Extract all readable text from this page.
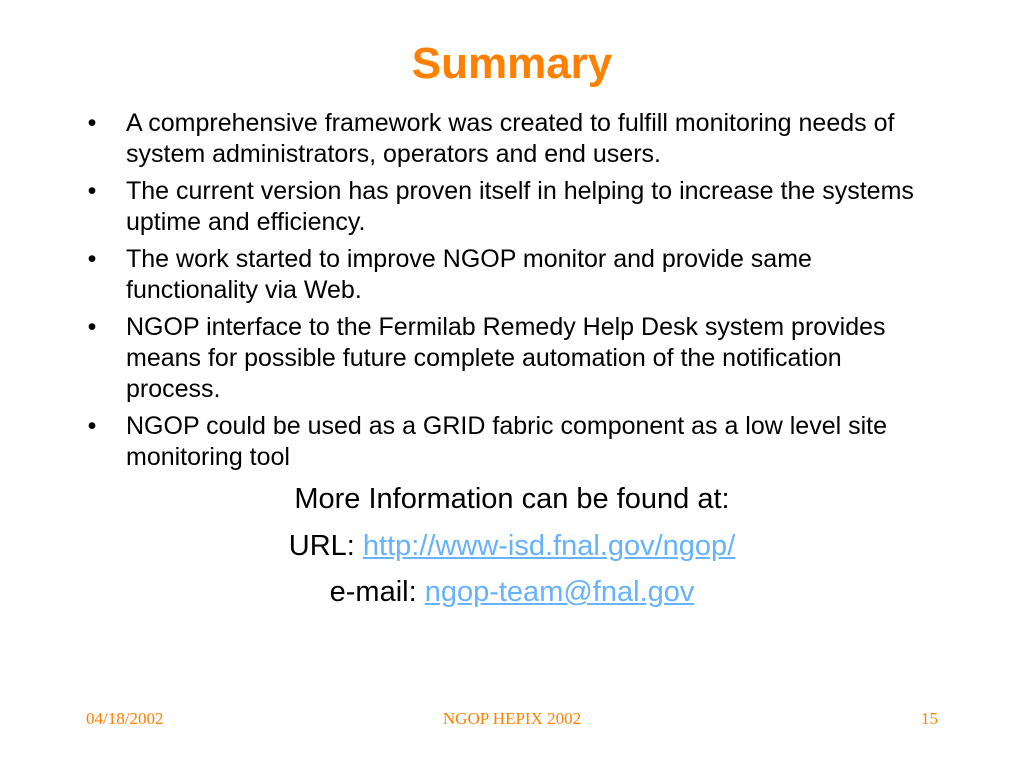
Summary
• A comprehensive framework was created to fulfill monitoring needs of system administrators, operators and end users.
• The current version has proven itself in helping to increase the systems uptime and efficiency.
• The work started to improve NGOP monitor and provide same functionality via Web.
• NGOP interface to the Fermilab Remedy Help Desk system provides means for possible future complete automation of the notification process.
• NGOP could be used as a GRID fabric component as a low level site monitoring tool
More Information can be found at:
URL: http://www-isd.fnal.gov/ngop/
e-mail: ngop-team@fnal.gov
04/18/2002	NGOP HEPIX 2002	15
